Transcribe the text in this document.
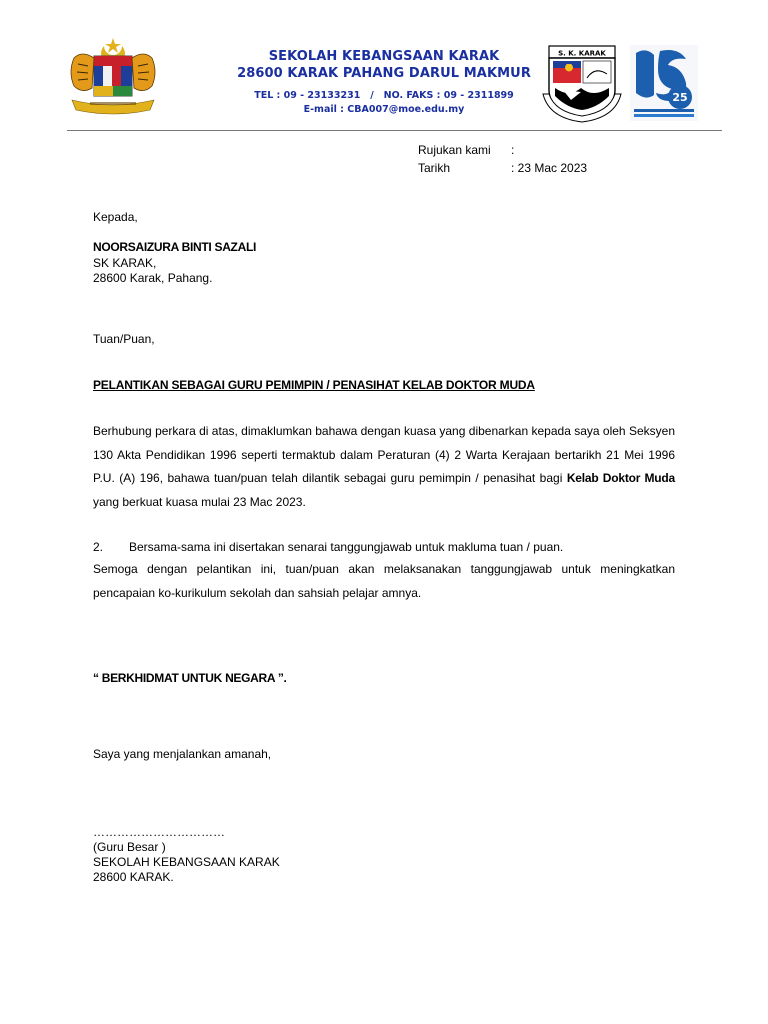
SEKOLAH KEBANGSAAN KARAK
28600 KARAK PAHANG DARUL MAKMUR
TEL : 09 - 23133231   /   NO. FAKS : 09 - 2311899
E-mail : CBA007@moe.edu.my
S. K. KARAK
25
Rujukan kami :
Tarikh	: 23 Mac 2023
Kepada,
NOORSAIZURA BINTI SAZALI
SK KARAK,
28600 Karak, Pahang.
Tuan/Puan,
PELANTIKAN SEBAGAI GURU PEMIMPIN / PENASIHAT KELAB DOKTOR MUDA
Berhubung perkara di atas, dimaklumkan bahawa dengan kuasa yang dibenarkan kepada saya oleh Seksyen 130 Akta Pendidikan 1996 seperti termaktub dalam Peraturan (4) 2 Warta Kerajaan bertarikh 21 Mei 1996 P.U. (A) 196, bahawa tuan/puan telah dilantik sebagai guru pemimpin / penasihat bagi Kelab Doktor Muda yang berkuat kuasa mulai 23 Mac 2023.
2. Bersama-sama ini disertakan senarai tanggungjawab untuk makluma tuan / puan.
Semoga dengan pelantikan ini, tuan/puan akan melaksanakan tanggungjawab untuk meningkatkan pencapaian ko-kurikulum sekolah dan sahsiah pelajar amnya.
“ BERKHIDMAT UNTUK NEGARA ”.
Saya yang menjalankan amanah,
……………………………
(Guru Besar )
SEKOLAH KEBANGSAAN KARAK
28600 KARAK.
